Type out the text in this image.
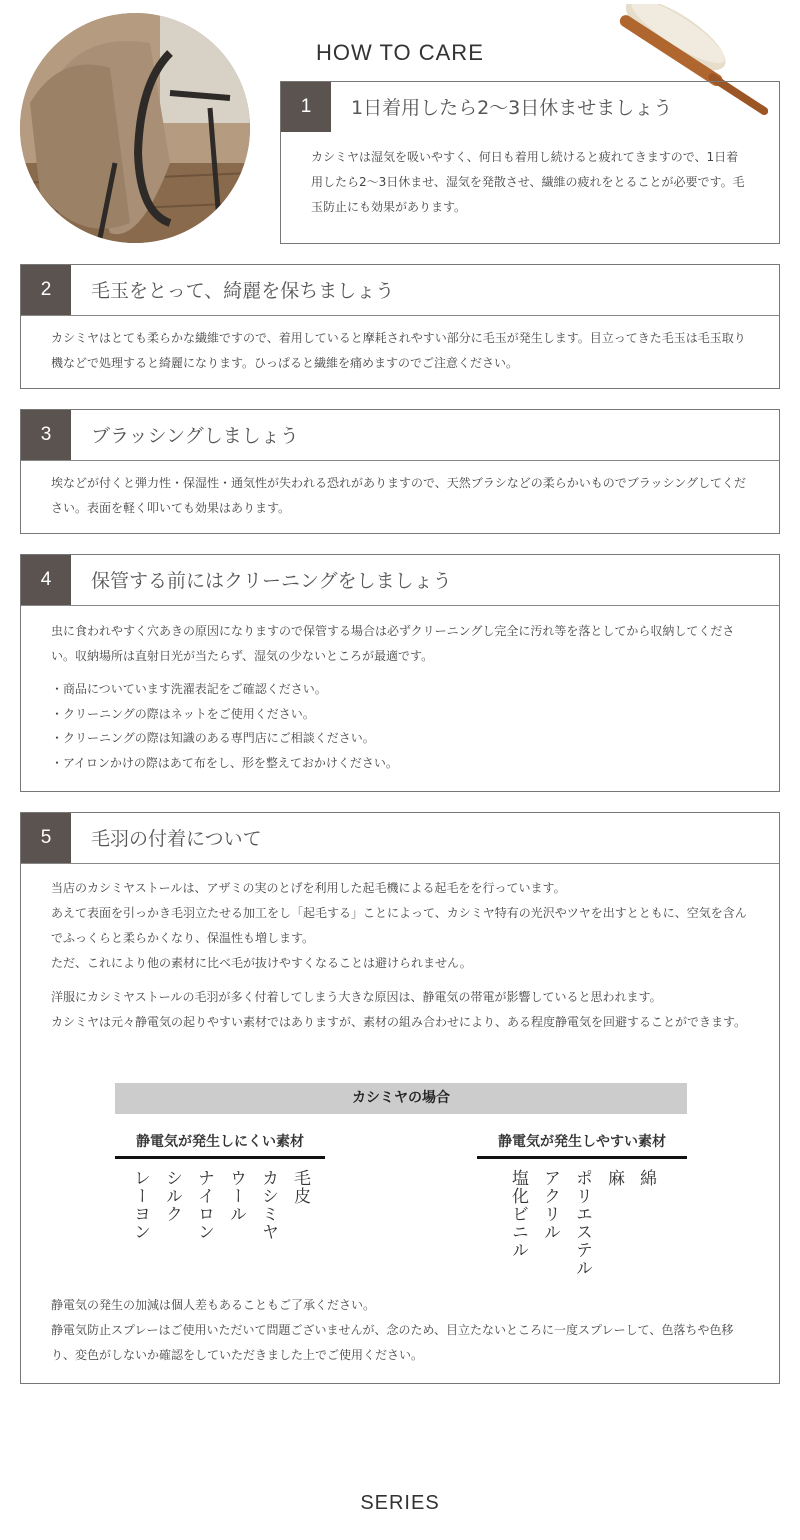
HOW TO CARE
1	1日着用したら2〜3日休ませましょう

カシミヤは湿気を吸いやすく、何日も着用し続けると疲れてきますので、1日着用したら2〜3日休ませ、湿気を発散させ、繊維の疲れをとることが必要です。毛玉防止にも効果があります。

2	毛玉をとって、綺麗を保ちましょう

カシミヤはとても柔らかな繊維ですので、着用していると摩耗されやすい部分に毛玉が発生します。目立ってきた毛玉は毛玉取り機などで処理すると綺麗になります。ひっぱると繊維を痛めますのでご注意ください。

3	ブラッシングしましょう

埃などが付くと弾力性・保湿性・通気性が失われる恐れがありますので、天然ブラシなどの柔らかいものでブラッシングしてください。表面を軽く叩いても効果はあります。

4	保管する前にはクリーニングをしましょう

虫に食われやすく穴あきの原因になりますので保管する場合は必ずクリーニングし完全に汚れ等を落としてから収納してください。収納場所は直射日光が当たらず、湿気の少ないところが最適です。

・商品についています洗濯表記をご確認ください。
・クリーニングの際はネットをご使用ください。
・クリーニングの際は知識のある専門店にご相談ください。
・アイロンかけの際はあて布をし、形を整えておかけください。
5	毛羽の付着について

当店のカシミヤストールは、アザミの実のとげを利用した起毛機による起毛をを行っています。

あえて表面を引っかき毛羽立たせる加工をし「起毛する」ことによって、カシミヤ特有の光沢やツヤを出すとともに、空気を含んでふっくらと柔らかくなり、保温性も増します。

ただ、これにより他の素材に比べ毛が抜けやすくなることは避けられません。

洋服にカシミヤストールの毛羽が多く付着してしまう大きな原因は、静電気の帯電が影響していると思われます。

カシミヤは元々静電気の起りやすい素材ではありますが、素材の組み合わせにより、ある程度静電気を回避することができます。

カシミヤの場合
静電気が発生しにくい素材
毛皮
カシミヤ
ウール
ナイロン
シルク
レーヨン
静電気が発生しやすい素材
綿
麻
ポリエステル
アクリル
塩化ビニル

静電気の発生の加減は個人差もあることもご了承ください。

静電気防止スプレーはご使用いただいて問題ございませんが、念のため、目立たないところに一度スプレーして、色落ちや色移り、変色がしないか確認をしていただきました上でご使用ください。

SERIES
